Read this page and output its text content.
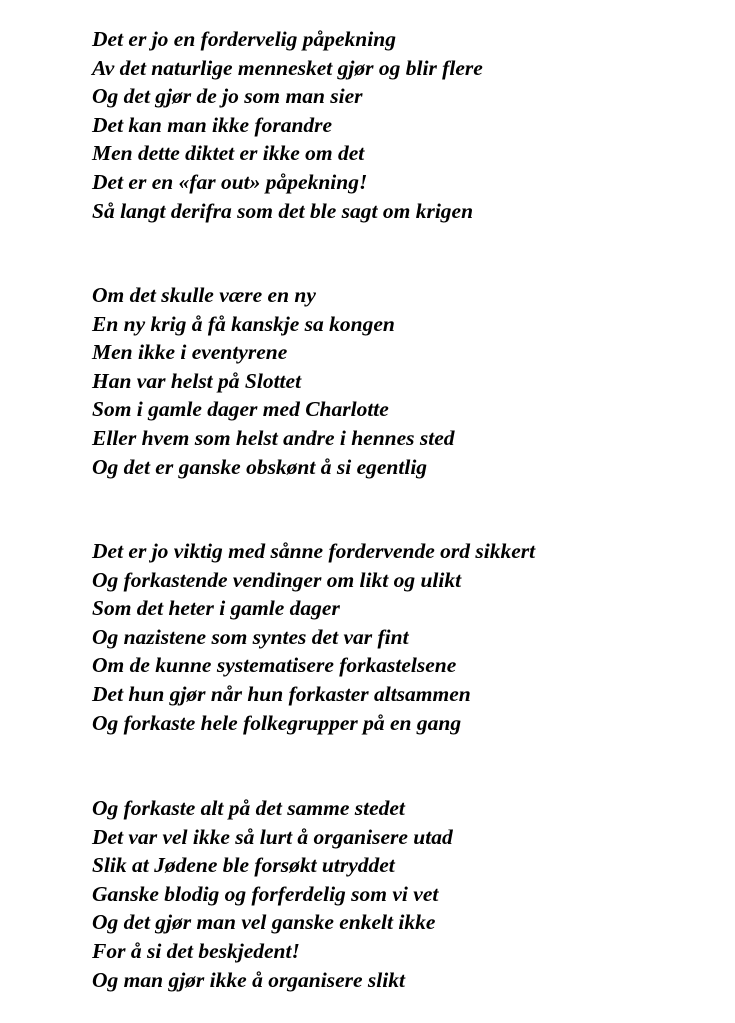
Det er jo en fordervelig påpekning
Av det naturlige mennesket gjør og blir flere
Og det gjør de jo som man sier
Det kan man ikke forandre
Men dette diktet er ikke om det
Det er en «far out» påpekning!
Så langt derifra som det ble sagt om krigen
Om det skulle være en ny
En ny krig å få kanskje sa kongen
Men ikke i eventyrene
Han var helst på Slottet
Som i gamle dager med Charlotte
Eller hvem som helst andre i hennes sted
Og det er ganske obskønt å si egentlig
Det er jo viktig med sånne fordervende ord sikkert
Og forkastende vendinger om likt og ulikt
Som det heter i gamle dager
Og nazistene som syntes det var fint
Om de kunne systematisere forkastelsene
Det hun gjør når hun forkaster altsammen
Og forkaste hele folkegrupper på en gang
Og forkaste alt på det samme stedet
Det var vel ikke så lurt å organisere utad
Slik at Jødene ble forsøkt utryddet
Ganske blodig og forferdelig som vi vet
Og det gjør man vel ganske enkelt ikke
For å si det beskjedent!
Og man gjør ikke å organisere slikt
